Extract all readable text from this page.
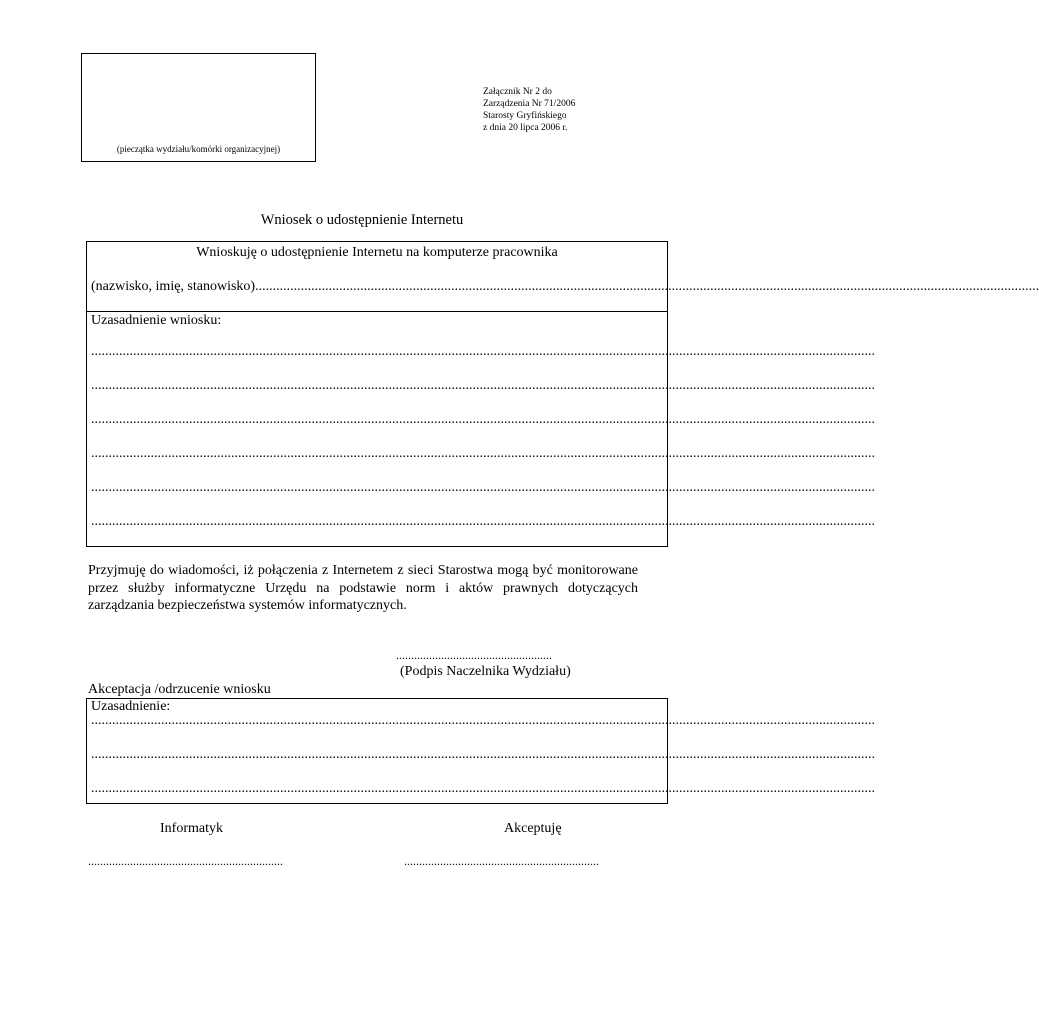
(pieczątka wydziału/komórki organizacyjnej)
Załącznik Nr 2 do
Zarządzenia Nr 71/2006
Starosty Gryfińskiego
z dnia 20 lipca 2006 r.
Wniosek o udostępnienie Internetu
Wnioskuję o udostępnienie Internetu na komputerze pracownika
(nazwisko, imię, stanowisko)................................................................................................................................................................................................................................
Uzasadnienie wniosku:
................................................................................................................................................................................................................................
................................................................................................................................................................................................................................
................................................................................................................................................................................................................................
................................................................................................................................................................................................................................
................................................................................................................................................................................................................................
................................................................................................................................................................................................................................
Przyjmuję do wiadomości, iż połączenia z Internetem z sieci Starostwa mogą być monitorowane przez służby informatyczne Urzędu na podstawie norm i aktów prawnych dotyczących zarządzania bezpieczeństwa systemów informatycznych.
....................................................
(Podpis Naczelnika Wydziału)
Akceptacja /odrzucenie wniosku
Uzasadnienie:
................................................................................................................................................................................................................................
................................................................................................................................................................................................................................
................................................................................................................................................................................................................................
Informatyk	Akceptuję
.................................................................	.................................................................
